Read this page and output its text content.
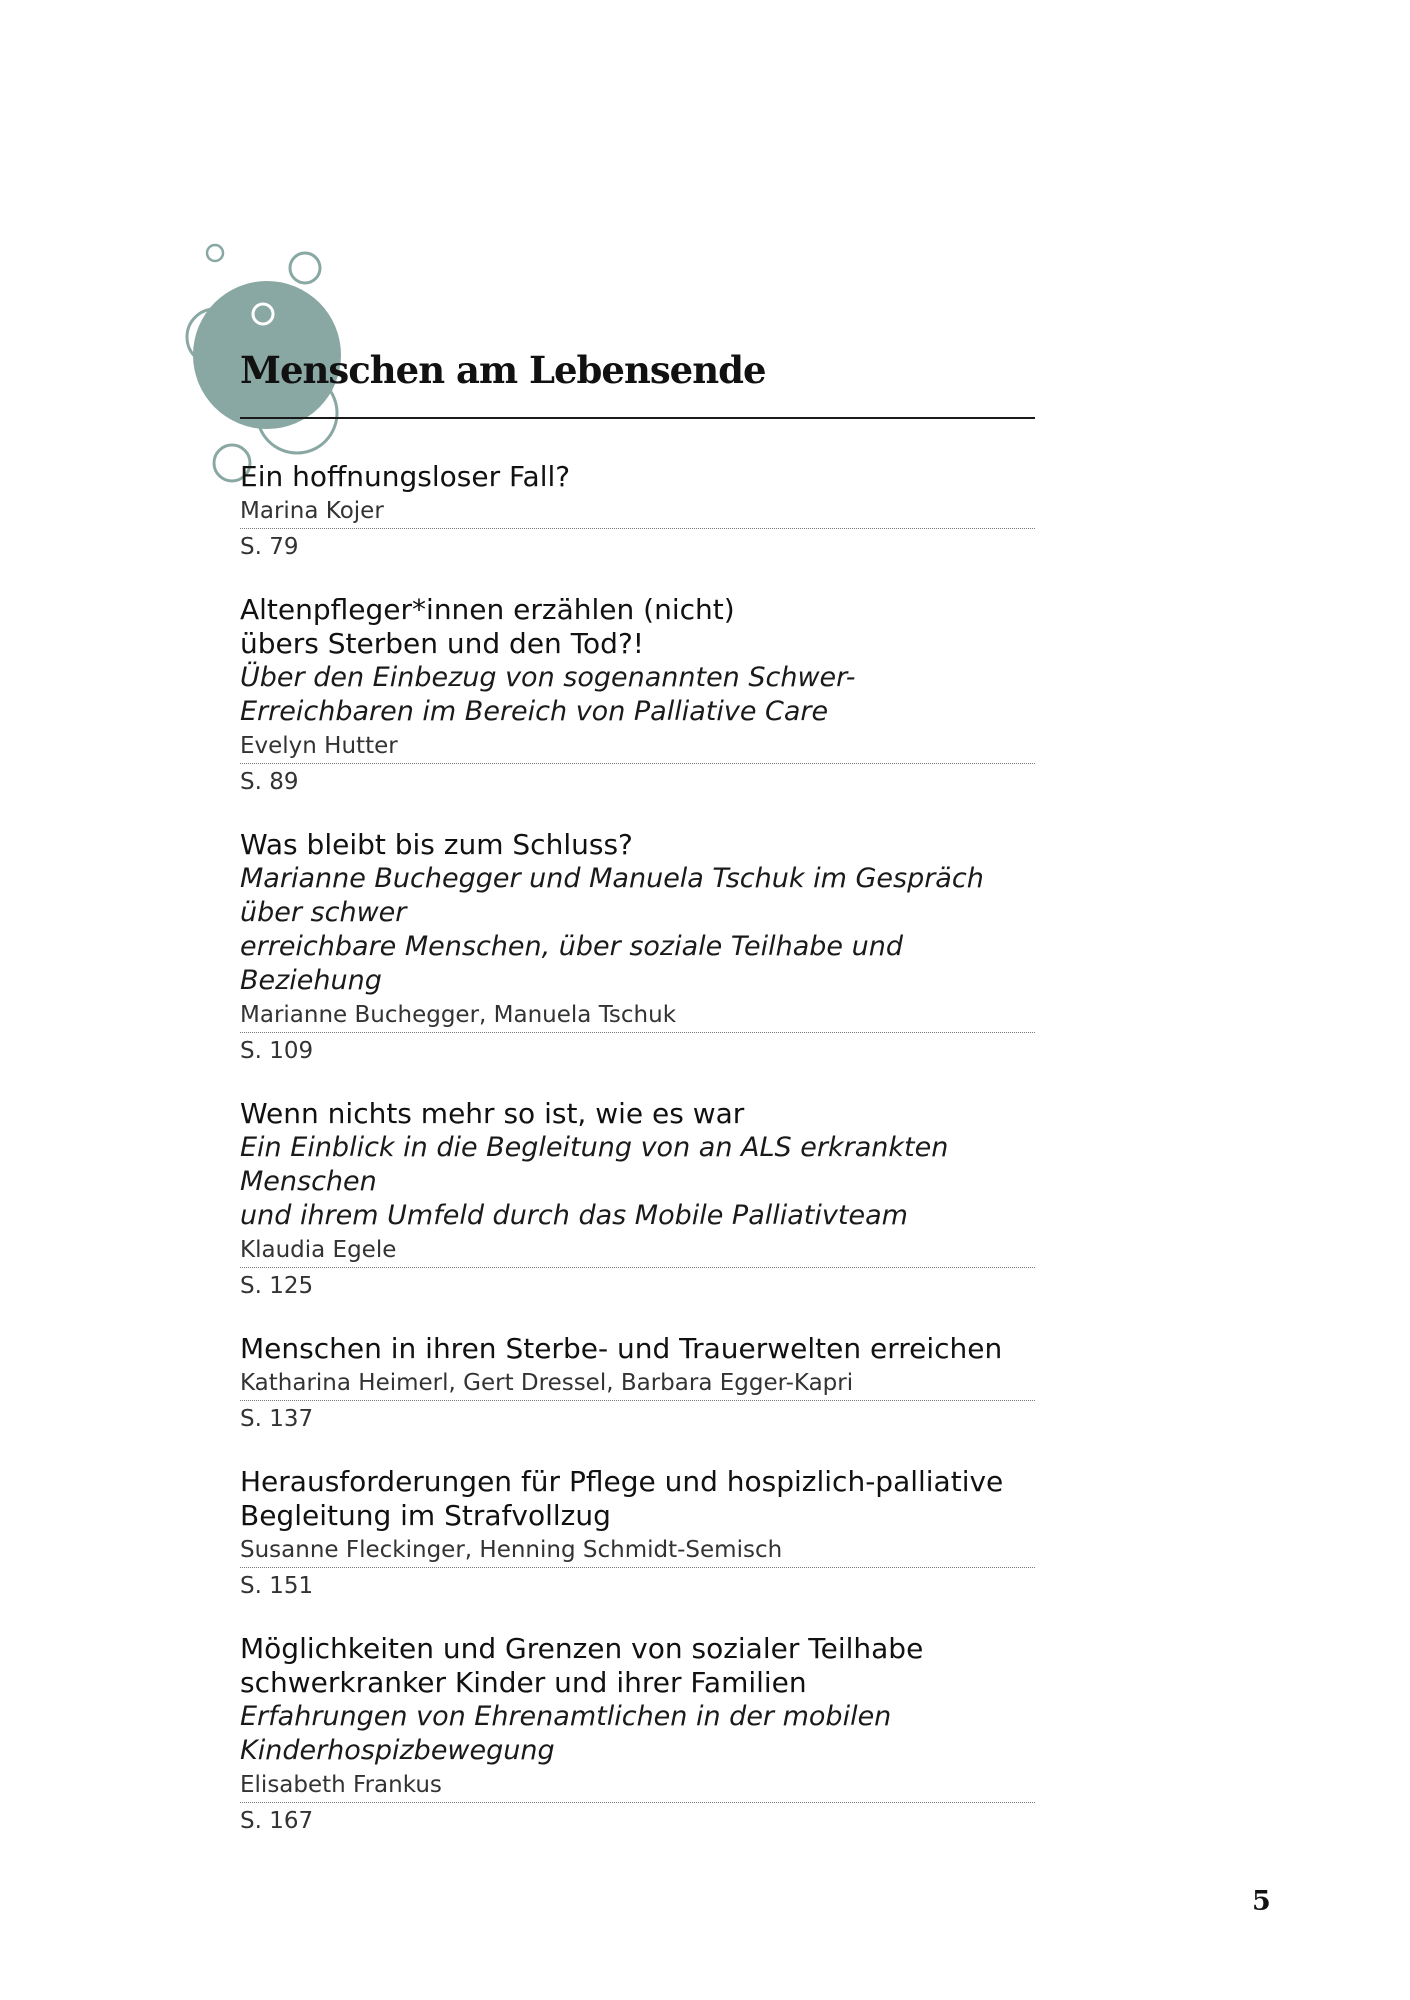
Menschen am Lebensende
Ein hoffnungsloser Fall?
Marina Kojer
S. 79
Altenpfleger*innen erzählen (nicht)
übers Sterben und den Tod?!
Über den Einbezug von sogenannten Schwer-
Erreichbaren im Bereich von Palliative Care
Evelyn Hutter
S. 89
Was bleibt bis zum Schluss?
Marianne Buchegger und Manuela Tschuk im Gespräch über schwer
erreichbare Menschen, über soziale Teilhabe und Beziehung
Marianne Buchegger, Manuela Tschuk
S. 109
Wenn nichts mehr so ist, wie es war
Ein Einblick in die Begleitung von an ALS erkrankten Menschen
und ihrem Umfeld durch das Mobile Palliativteam
Klaudia Egele
S. 125
Menschen in ihren Sterbe- und Trauerwelten erreichen
Katharina Heimerl, Gert Dressel, Barbara Egger-Kapri
S. 137
Herausforderungen für Pflege und hospizlich-palliative
Begleitung im Strafvollzug
Susanne Fleckinger, Henning Schmidt-Semisch
S. 151
Möglichkeiten und Grenzen von sozialer Teilhabe
schwerkranker Kinder und ihrer Familien
Erfahrungen von Ehrenamtlichen in der mobilen
Kinderhospizbewegung
Elisabeth Frankus
S. 167
5
